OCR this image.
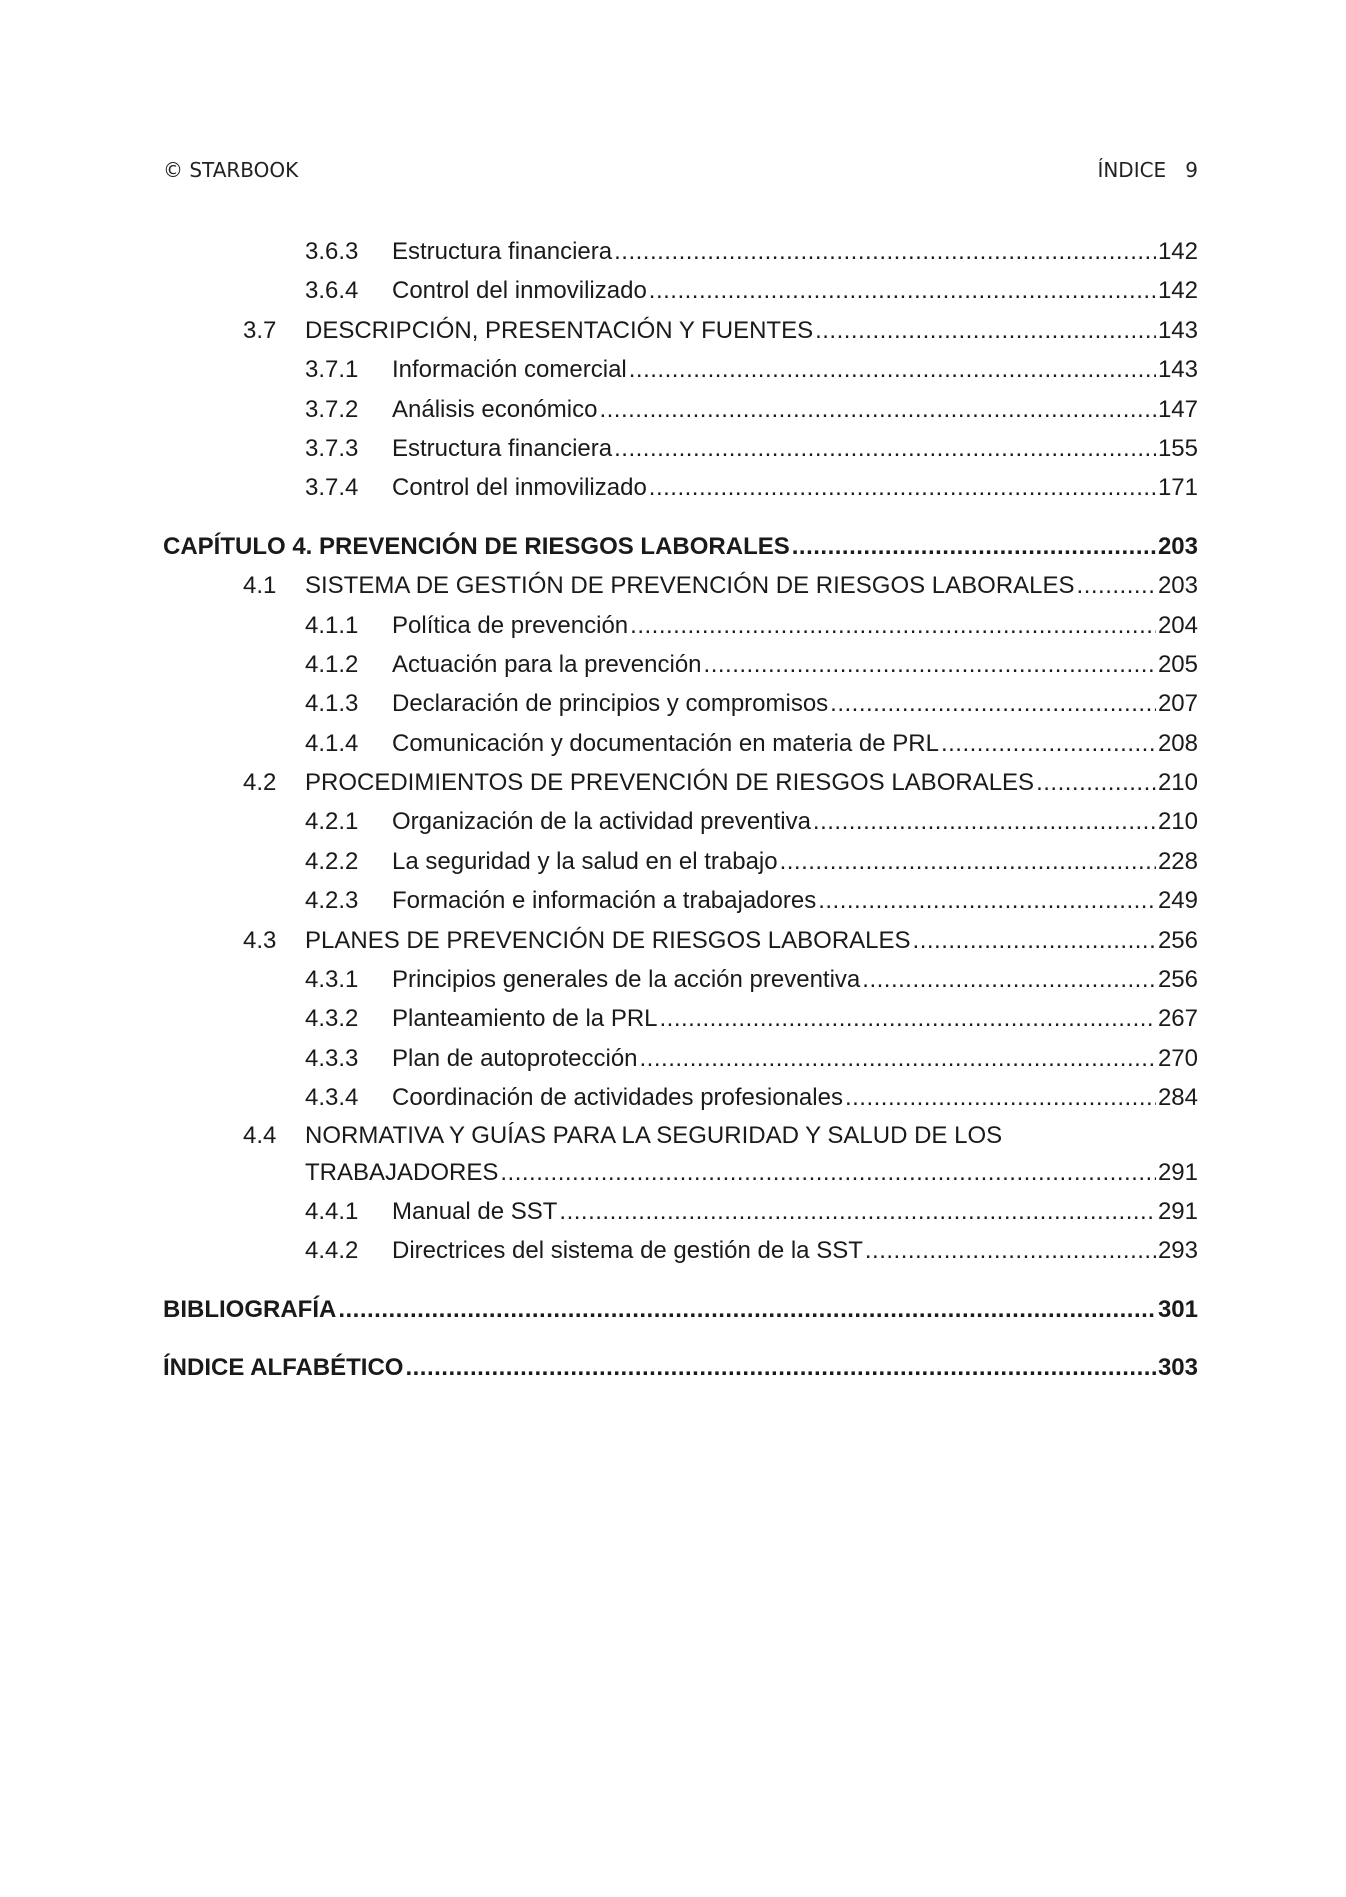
© STARBOOK	ÍNDICE   9
3.6.3	Estructura financiera .....	142
3.6.4	Control del inmovilizado .....	142
3.7	DESCRIPCIÓN, PRESENTACIÓN Y FUENTES .....	143
3.7.1	Información comercial .....	143
3.7.2	Análisis económico .....	147
3.7.3	Estructura financiera .....	155
3.7.4	Control del inmovilizado .....	171
CAPÍTULO 4. PREVENCIÓN DE RIESGOS LABORALES .....	203
4.1	SISTEMA DE GESTIÓN DE PREVENCIÓN DE RIESGOS LABORALES .....	203
4.1.1	Política de prevención .....	204
4.1.2	Actuación para la prevención .....	205
4.1.3	Declaración de principios y compromisos .....	207
4.1.4	Comunicación y documentación en materia de PRL .....	208
4.2	PROCEDIMIENTOS DE PREVENCIÓN DE RIESGOS LABORALES .....	210
4.2.1	Organización de la actividad preventiva .....	210
4.2.2	La seguridad y la salud en el trabajo .....	228
4.2.3	Formación e información a trabajadores .....	249
4.3	PLANES DE PREVENCIÓN DE RIESGOS LABORALES .....	256
4.3.1	Principios generales de la acción preventiva .....	256
4.3.2	Planteamiento de la PRL .....	267
4.3.3	Plan de autoprotección .....	270
4.3.4	Coordinación de actividades profesionales .....	284
4.4	NORMATIVA Y GUÍAS PARA LA SEGURIDAD Y SALUD DE LOS
TRABAJADORES .....	291
4.4.1	Manual de SST .....	291
4.4.2	Directrices del sistema de gestión de la SST .....	293
BIBLIOGRAFÍA .....	301
ÍNDICE ALFABÉTICO .....	303
